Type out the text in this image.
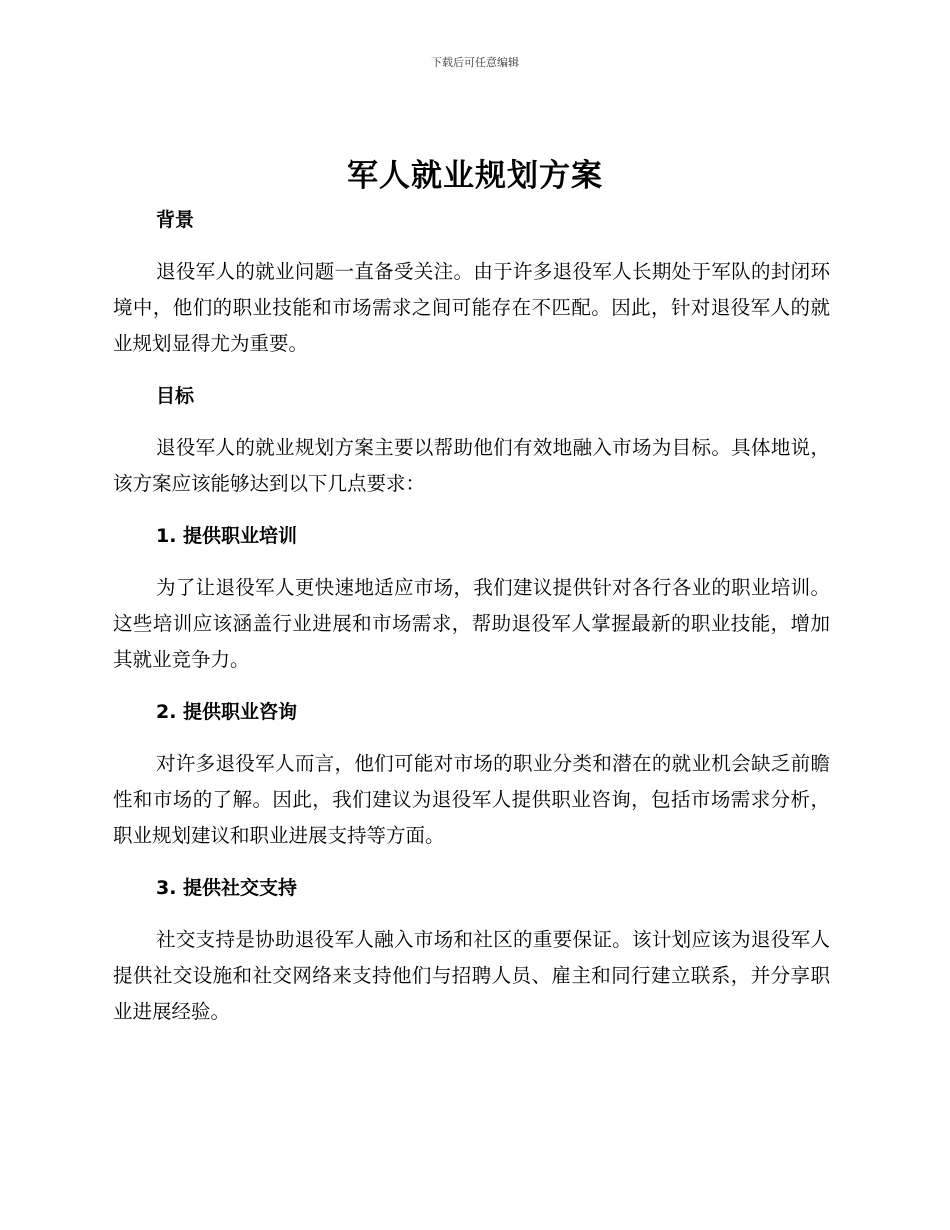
下载后可任意编辑
军人就业规划方案
背景

退役军人的就业问题一直备受关注。由于许多退役军人长期处于军队的封闭环境中，他们的职业技能和市场需求之间可能存在不匹配。因此，针对退役军人的就业规划显得尤为重要。

目标

退役军人的就业规划方案主要以帮助他们有效地融入市场为目标。具体地说，该方案应该能够达到以下几点要求：

1. 提供职业培训

为了让退役军人更快速地适应市场，我们建议提供针对各行各业的职业培训。这些培训应该涵盖行业进展和市场需求，帮助退役军人掌握最新的职业技能，增加其就业竞争力。

2. 提供职业咨询

对许多退役军人而言，他们可能对市场的职业分类和潜在的就业机会缺乏前瞻性和市场的了解。因此，我们建议为退役军人提供职业咨询，包括市场需求分析，职业规划建议和职业进展支持等方面。

3. 提供社交支持

社交支持是协助退役军人融入市场和社区的重要保证。该计划应该为退役军人提供社交设施和社交网络来支持他们与招聘人员、雇主和同行建立联系，并分享职业进展经验。
